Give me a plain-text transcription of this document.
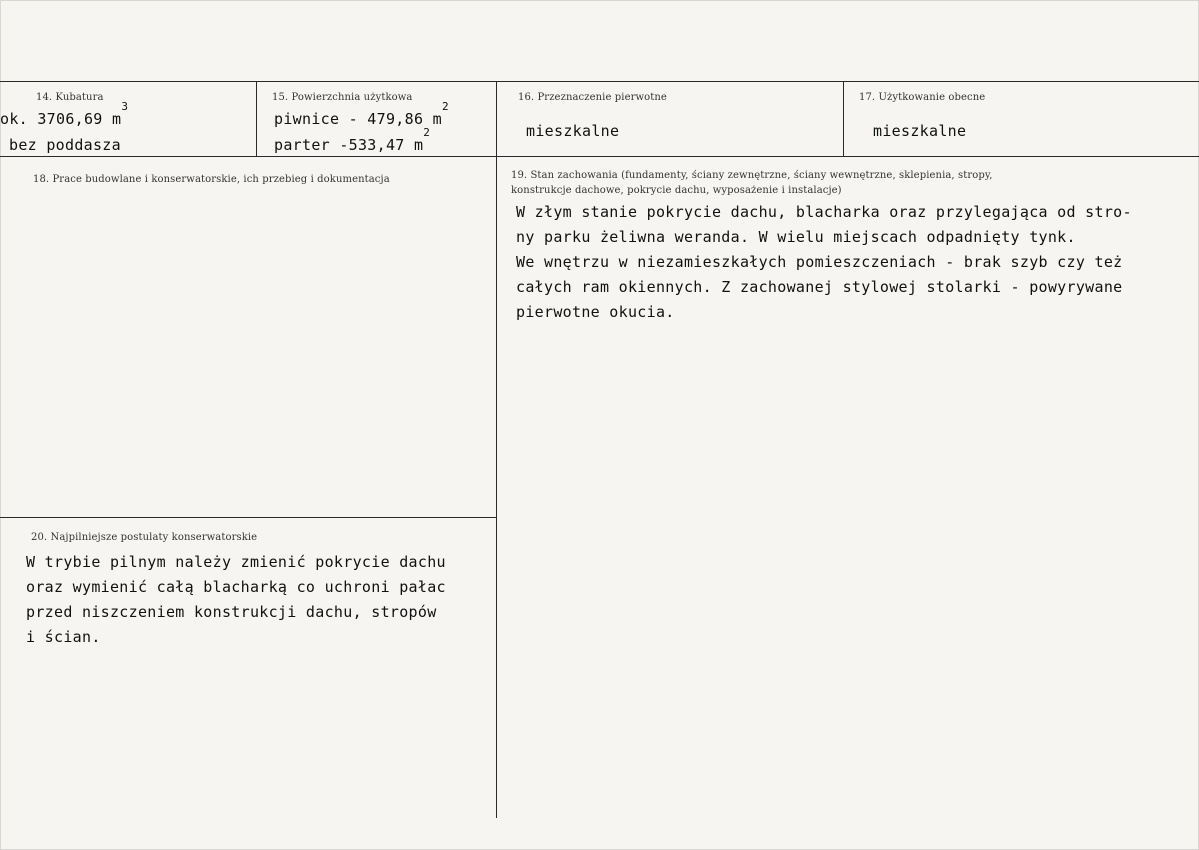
14. Kubatura
ok. 3706,69 $m^3$
bez poddasza
15. Powierzchnia użytkowa
piwnice - 479,86 $m^2$
parter -533,47 $m^2$
16. Przeznaczenie pierwotne
mieszkalne
17. Użytkowanie obecne
mieszkalne
18. Prace budowlane i konserwatorskie, ich przebieg i dokumentacja	19. Stan zachowania (fundamenty, ściany zewnętrzne, ściany wewnętrzne, sklepienia, stropy,
konstrukcje dachowe, pokrycie dachu, wyposażenie i instalacje)
W złym stanie pokrycie dachu, blacharka oraz przylegająca od stro-
ny parku żeliwna weranda. W wielu miejscach odpadnięty tynk.
We wnętrzu w niezamieszkałych pomieszczeniach - brak szyb czy też
całych ram okiennych. Z zachowanej stylowej stolarki - powyrywane
pierwotne okucia.
20. Najpilniejsze postulaty konserwatorskie
W trybie pilnym należy zmienić pokrycie dachu
oraz wymienić całą blacharką co uchroni pałac
przed niszczeniem konstrukcji dachu, stropów
i ścian.
